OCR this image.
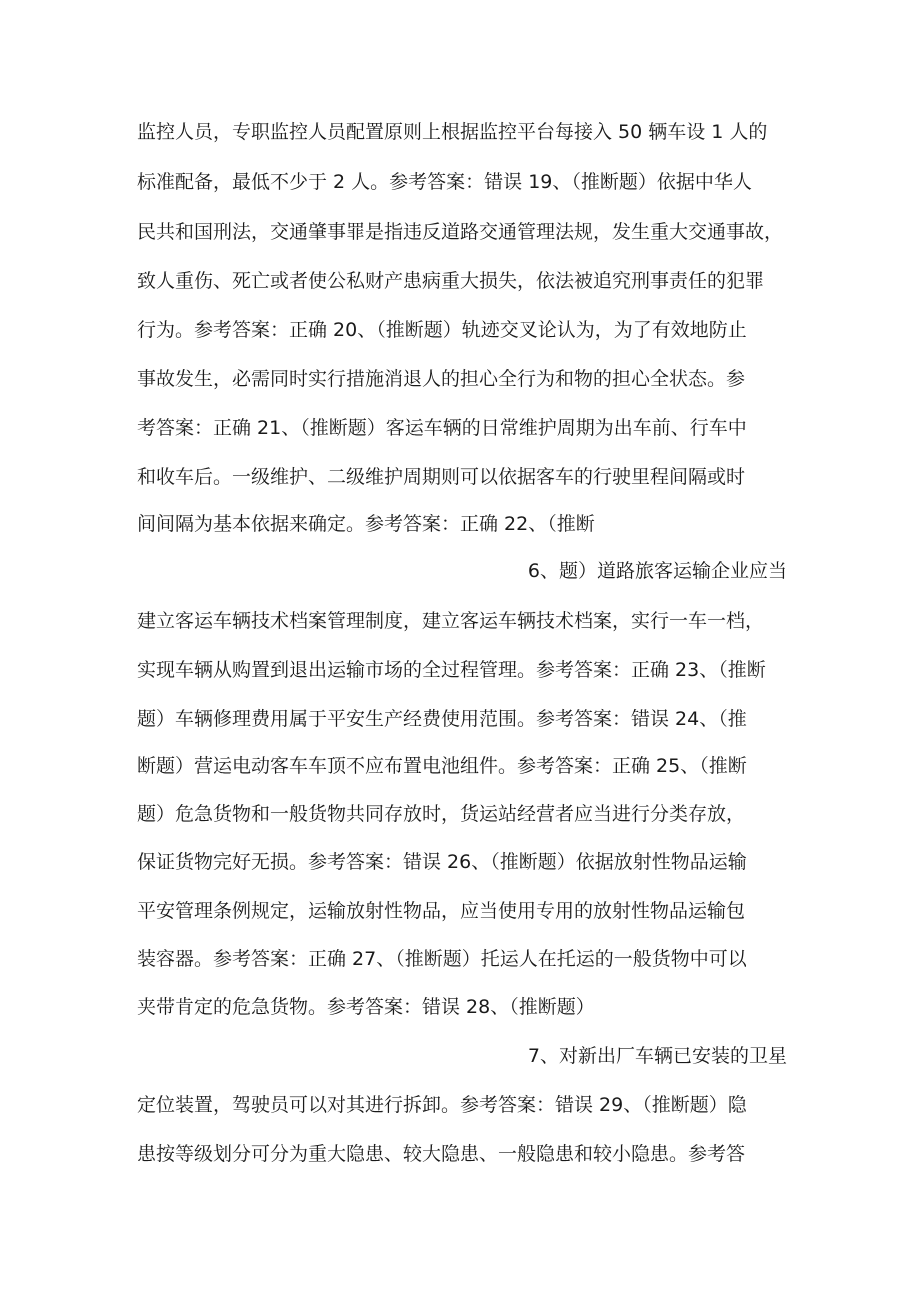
监控人员，专职监控人员配置原则上根据监控平台每接入 50 辆车设 1 人的
标准配备，最低不少于 2 人。参考答案：错误 19、（推断题）依据中华人
民共和国刑法，交通肇事罪是指违反道路交通管理法规，发生重大交通事故，
致人重伤、死亡或者使公私财产患病重大损失，依法被追究刑事责任的犯罪
行为。参考答案：正确 20、（推断题）轨迹交叉论认为，为了有效地防止
事故发生，必需同时实行措施消退人的担心全行为和物的担心全状态。参
考答案：正确 21、（推断题）客运车辆的日常维护周期为出车前、行车中
和收车后。一级维护、二级维护周期则可以依据客车的行驶里程间隔或时
间间隔为基本依据来确定。参考答案：正确 22、（推断
6、题）道路旅客运输企业应当
建立客运车辆技术档案管理制度，建立客运车辆技术档案，实行一车一档，
实现车辆从购置到退出运输市场的全过程管理。参考答案：正确 23、（推断
题）车辆修理费用属于平安生产经费使用范围。参考答案：错误 24、（推
断题）营运电动客车车顶不应布置电池组件。参考答案：正确 25、（推断
题）危急货物和一般货物共同存放时，货运站经营者应当进行分类存放，
保证货物完好无损。参考答案：错误 26、（推断题）依据放射性物品运输
平安管理条例规定，运输放射性物品，应当使用专用的放射性物品运输包
装容器。参考答案：正确 27、（推断题）托运人在托运的一般货物中可以
夹带肯定的危急货物。参考答案：错误 28、（推断题）
7、对新出厂车辆已安装的卫星
定位装置，驾驶员可以对其进行拆卸。参考答案：错误 29、（推断题）隐
患按等级划分可分为重大隐患、较大隐患、一般隐患和较小隐患。参考答
